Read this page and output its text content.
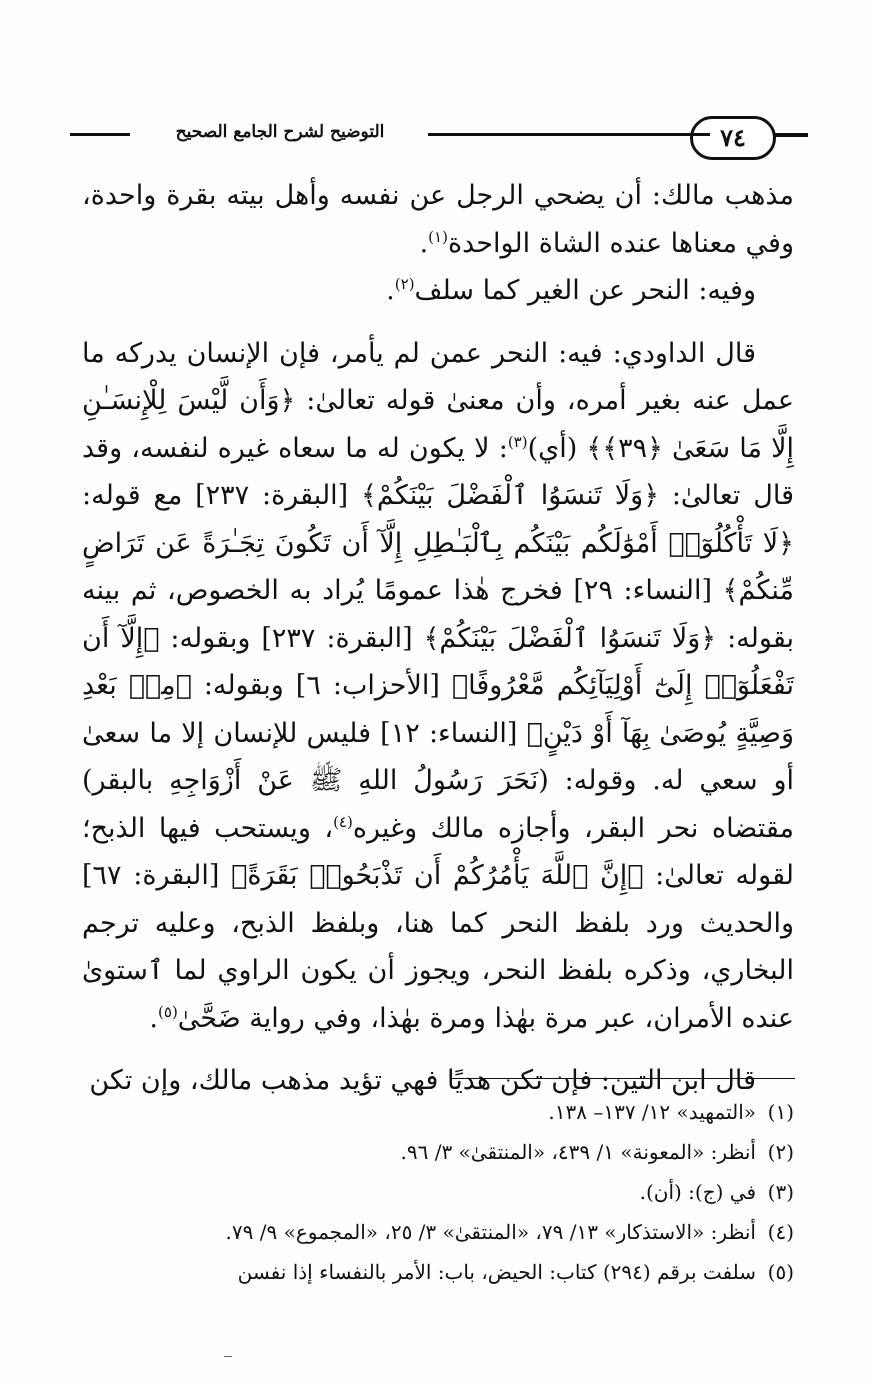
٧٤
التوضيح لشرح الجامع الصحيح

مذهب مالك: أن يضحي الرجل عن نفسه وأهل بيته بقرة واحدة، وفي معناها عنده الشاة الواحدة$^{(١)}$.

وفيه: النحر عن الغير كما سلف$^{(٢)}$.

قال الداودي: فيه: النحر عمن لم يأمر، فإن الإنسان يدركه ما عمل عنه بغير أمره، وأن معنىٰ قوله تعالىٰ: ﴿وَأَن لَّيْسَ لِلْإِنسَـٰنِ إِلَّا مَا سَعَىٰ ﴿٣٩﴾﴾ (أي)$^{(٣)}$: لا يكون له ما سعاه غيره لنفسه، وقد قال تعالىٰ: ﴿وَلَا تَنسَوُا ٱلْفَضْلَ بَيْنَكُمْ﴾ [البقرة: ٢٣٧] مع قوله: ﴿لَا تَأْكُلُوٓا۟ أَمْوَٰلَكُم بَيْنَكُم بِٱلْبَـٰطِلِ إِلَّآ أَن تَكُونَ تِجَـٰرَةً عَن تَرَاضٍ مِّنكُمْ﴾ [النساء: ٢٩] فخرج هٰذا عمومًا يُراد به الخصوص، ثم بينه بقوله: ﴿وَلَا تَنسَوُا ٱلْفَضْلَ بَيْنَكُمْ﴾ [البقرة: ٢٣٧] وبقوله: ﴿إِلَّآ أَن تَفْعَلُوٓا۟ إِلَىٰٓ أَوْلِيَآئِكُم مَّعْرُوفًا﴾ [الأحزاب: ٦] وبقوله: ﴿مِنۢ بَعْدِ وَصِيَّةٍ يُوصَىٰ بِهَآ أَوْ دَيْنٍ﴾ [النساء: ١٢] فليس للإنسان إلا ما سعىٰ أو سعي له. وقوله: (نَحَرَ رَسُولُ اللهِ ﷺ عَنْ أَزْوَاجِهِ بالبقر) مقتضاه نحر البقر، وأجازه مالك وغيره$^{(٤)}$، ويستحب فيها الذبح؛ لقوله تعالىٰ: ﴿إِنَّ ٱللَّهَ يَأْمُرُكُمْ أَن تَذْبَحُوا۟ بَقَرَةً﴾ [البقرة: ٦٧] والحديث ورد بلفظ النحر كما هنا، وبلفظ الذبح، وعليه ترجم البخاري، وذكره بلفظ النحر، ويجوز أن يكون الراوي لما ٱستوىٰ عنده الأمران، عبر مرة بهٰذا ومرة بهٰذا، وفي رواية ضَحَّىٰ$^{(٥)}$.

قال ابن التين: فإن تكن هديًا فهي تؤيد مذهب مالك، وإن تكن

(١)«التمهيد» ١٢/ ١٣٧– ١٣٨.
(٢)أنظر: «المعونة» ١/ ٤٣٩، «المنتقىٰ» ٣/ ٩٦.
(٣)في (ج): (أن).
(٤)أنظر: «الاستذكار» ١٣/ ٧٩، «المنتقىٰ» ٣/ ٢٥، «المجموع» ٩/ ٧٩.
(٥)سلفت برقم (٢٩٤) كتاب: الحيض، باب: الأمر بالنفساء إذا نفسن
